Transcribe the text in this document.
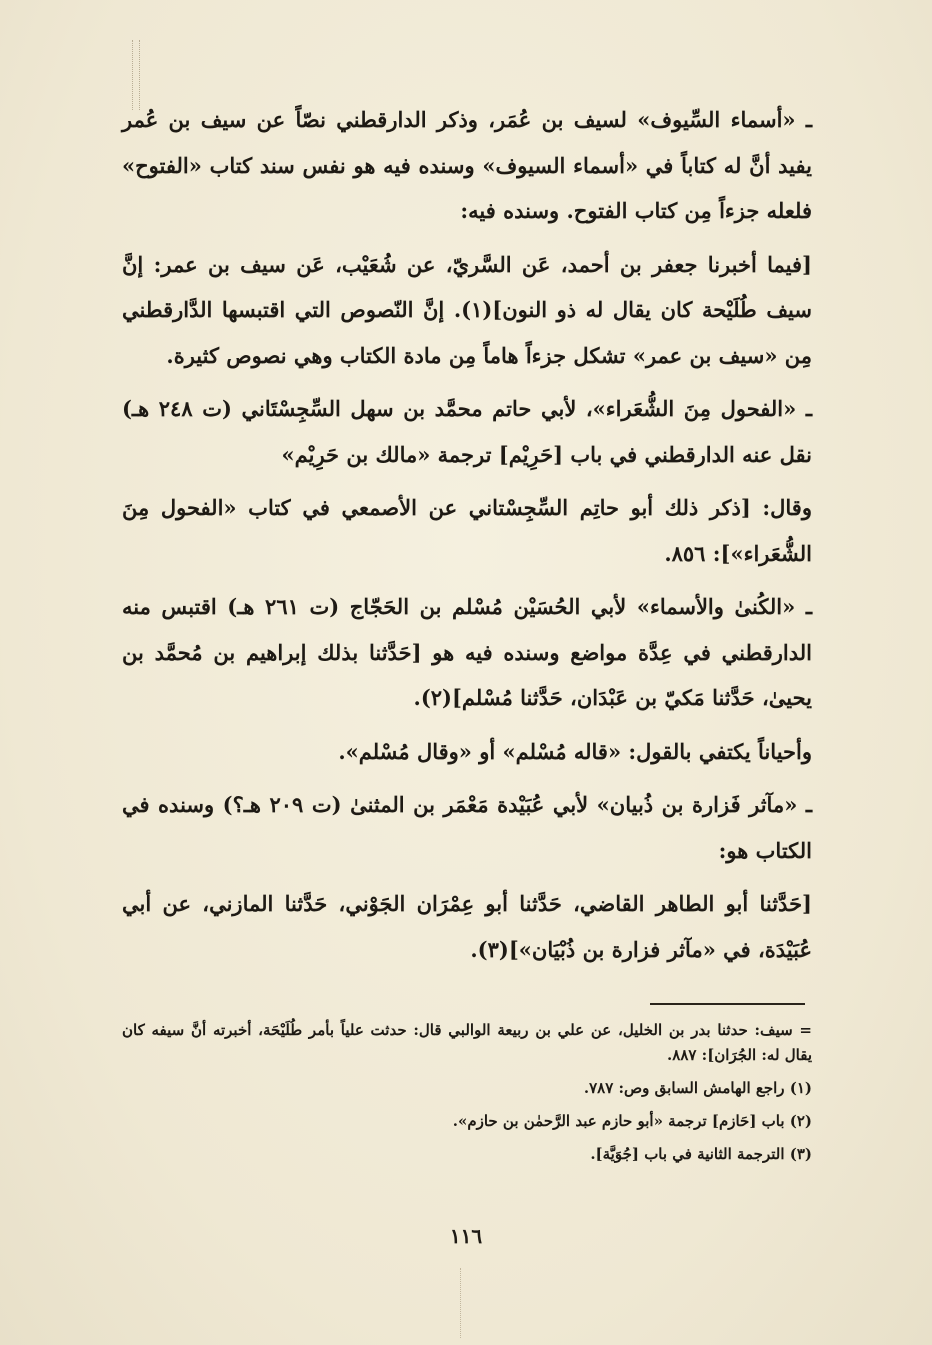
ـ «أسماء السِّيوف» لسيف بن عُمَر، وذكر الدارقطني نصّاً عن سيف بن عُمر يفيد أنَّ له كتاباً في «أسماء السيوف» وسنده فيه هو نفس سند كتاب «الفتوح» فلعله جزءاً مِن كتاب الفتوح. وسنده فيه:

[فيما أخبرنا جعفر بن أحمد، عَن السَّريّ، عن شُعَيْب، عَن سيف بن عمر: إنَّ سيف طُلَيْحة كان يقال له ذو النون](١). إنَّ النّصوص التي اقتبسها الدَّارقطني مِن «سيف بن عمر» تشكل جزءاً هاماً مِن مادة الكتاب وهي نصوص كثيرة.

ـ «الفحول مِنَ الشُّعَراء»، لأبي حاتم محمَّد بن سهل السِّجِسْتَاني (ت ٢٤٨ هـ) نقل عنه الدارقطني في باب [حَرِيْم] ترجمة «مالك بن حَرِيْم»

وقال: [ذكر ذلك أبو حاتِم السِّجِسْتاني عن الأصمعي في كتاب «الفحول مِنَ الشُّعَراء»]: ٨٥٦.

ـ «الكُنىٰ والأسماء» لأبي الحُسَيْن مُسْلم بن الحَجّاج (ت ٢٦١ هـ) اقتبس منه الدارقطني في عِدَّة مواضع وسنده فيه هو [حَدَّثنا بذلك إبراهيم بن مُحمَّد بن يحيىٰ، حَدَّثنا مَكيّ بن عَبْدَان، حَدَّثنا مُسْلم](٢).

وأحياناً يكتفي بالقول: «قاله مُسْلم» أو «وقال مُسْلم».

ـ «مآثر فَزارة بن ذُبيان» لأبي عُبَيْدة مَعْمَر بن المثنىٰ (ت ٢٠٩ هـ؟) وسنده في الكتاب هو:

[حَدَّثنا أبو الطاهر القاضي، حَدَّثنا أبو عِمْرَان الجَوْني، حَدَّثنا المازني، عن أبي عُبَيْدَة، في «مآثر فزارة بن ذُبْيَان»](٣).

= سيف: حدثنا بدر بن الخليل، عن علي بن ربيعة الوالبي قال: حدثت علياً بأمر طُلَيْحَة، أخبرته أنَّ سيفه كان يقال له: الجُرَان]: ٨٨٧.

(١) راجع الهامش السابق وص: ٧٨٧.

(٢) باب [حَازم] ترجمة «أبو حازم عبد الرَّحمٰن بن حازم».

(٣) الترجمة الثانية في باب [جُوَيَّة].

١١٦
